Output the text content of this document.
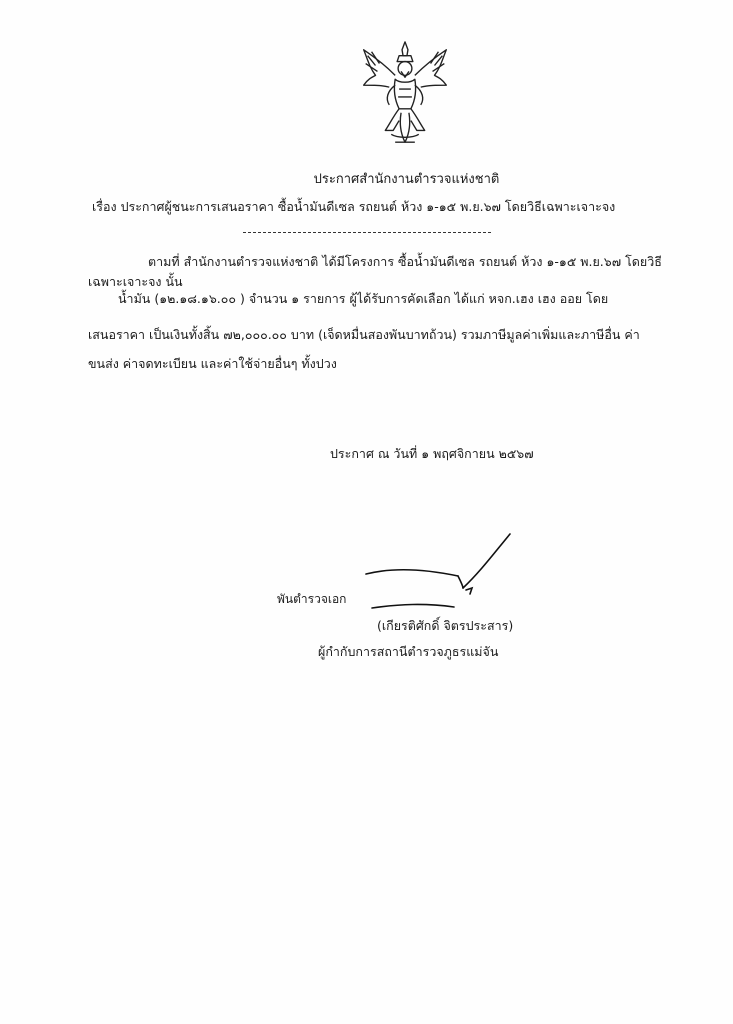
ประกาศสำนักงานตำรวจแห่งชาติ
เรื่อง ประกาศผู้ชนะการเสนอราคา ซื้อน้ำมันดีเซล รถยนต์ ห้วง ๑-๑๕ พ.ย.๖๗ โดยวิธีเฉพาะเจาะจง
ตามที่ สำนักงานตำรวจแห่งชาติ ได้มีโครงการ ซื้อน้ำมันดีเซล รถยนต์ ห้วง ๑-๑๕ พ.ย.๖๗ โดยวิธี
เฉพาะเจาะจง นั้น
น้ำมัน (๑๒.๑๘.๑๖.๐๐ ) จำนวน ๑ รายการ ผู้ได้รับการคัดเลือก ได้แก่ หจก.เฮง เฮง ออย โดย
เสนอราคา เป็นเงินทั้งสิ้น ๗๒,๐๐๐.๐๐ บาท (เจ็ดหมื่นสองพันบาทถ้วน) รวมภาษีมูลค่าเพิ่มและภาษีอื่น ค่า
ขนส่ง ค่าจดทะเบียน และค่าใช้จ่ายอื่นๆ ทั้งปวง
ประกาศ ณ วันที่ ๑ พฤศจิกายน ๒๕๖๗
พันตำรวจเอก
(เกียรติศักดิ์ จิตรประสาร)
ผู้กำกับการสถานีตำรวจภูธรแม่จัน
